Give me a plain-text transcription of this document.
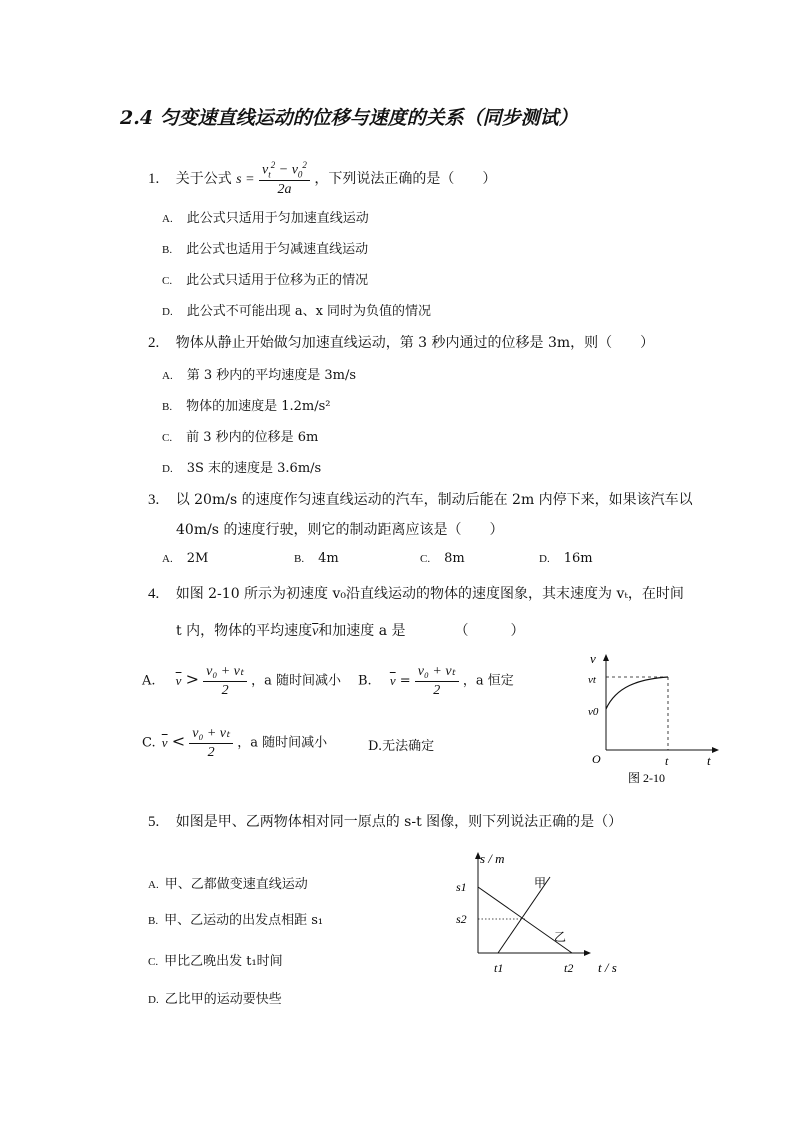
2.4 匀变速直线运动的位移与速度的关系（同步测试）
1. 关于公式 $s = \frac{v_t^2 - v_0^2}{2a}$ ，下列说法正确的是（　　）
A. 此公式只适用于匀加速直线运动
B. 此公式也适用于匀减速直线运动
C. 此公式只适用于位移为正的情况
D. 此公式不可能出现 a、x 同时为负值的情况
2. 物体从静止开始做匀加速直线运动，第 3 秒内通过的位移是 3m，则（　　）
A. 第 3 秒内的平均速度是 3m/s
B. 物体的加速度是 1.2m/s²
C. 前 3 秒内的位移是 6m
D. 3S 末的速度是 3.6m/s
3. 以 20m/s 的速度作匀速直线运动的汽车，制动后能在 2m 内停下来，如果该汽车以
40m/s 的速度行驶，则它的制动距离应该是（　　）
A. 2M	B. 4m	C. 8m	D. 16m
4. 如图 2-10 所示为初速度 v₀沿直线运动的物体的速度图象，其末速度为 vₜ，在时间
t 内，物体的平均速度$\overline{v}$和加速度 a 是　　　　（　　　）
A. $\overline{v} > \frac{\text{v₀ + vₜ}}{2}$ ，a 随时间减小 B. $\overline{v} = \frac{\text{v₀ + vₜ}}{2}$ ，a 恒定
C. $\overline{v} < \frac{\text{v₀ + vₜ}}{2}$ ，a 随时间减小	D.无法确定
v
vt
v0
O	t	t
图 2-10
5. 如图是甲、乙两物体相对同一原点的 s-t 图像，则下列说法正确的是（）
A. 甲、乙都做变速直线运动
B. 甲、乙运动的出发点相距 s₁
C. 甲比乙晚出发 t₁时间
D. 乙比甲的运动要快些
s / m
t / s
s1
s2
t1	t2
甲
乙
